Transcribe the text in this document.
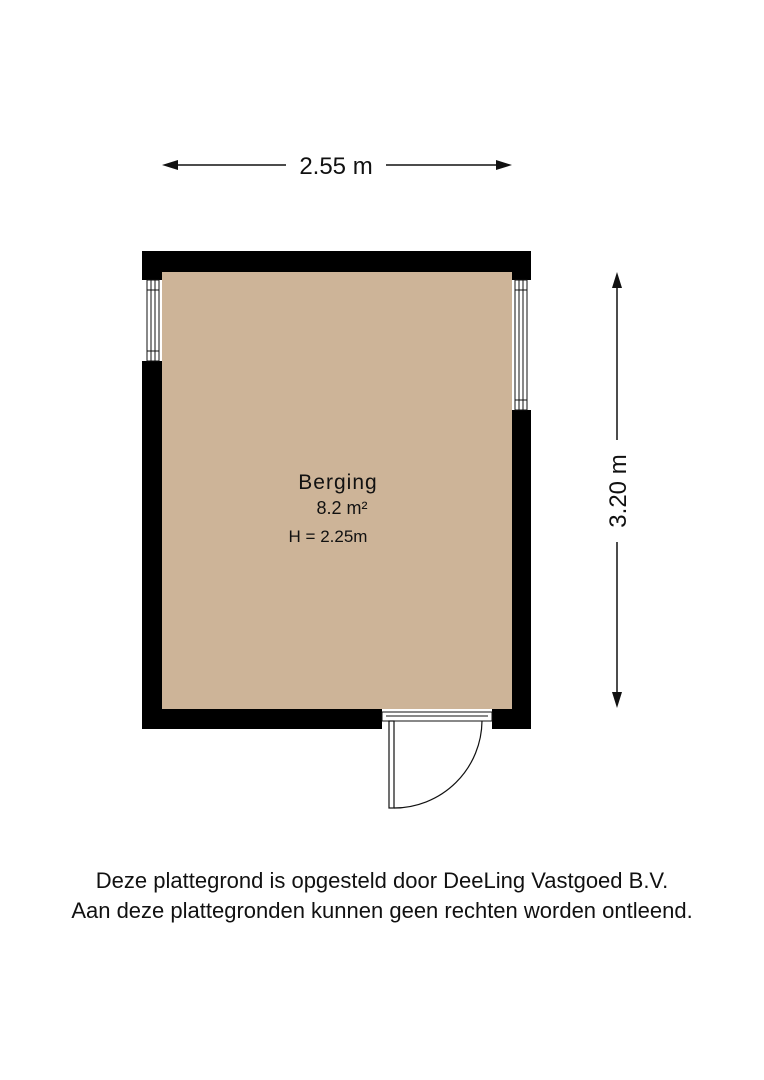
2.55 m
3.20 m
Berging
8.2 m²
H = 2.25m
Deze plattegrond is opgesteld door DeeLing Vastgoed B.V.
Aan deze plattegronden kunnen geen rechten worden ontleend.
